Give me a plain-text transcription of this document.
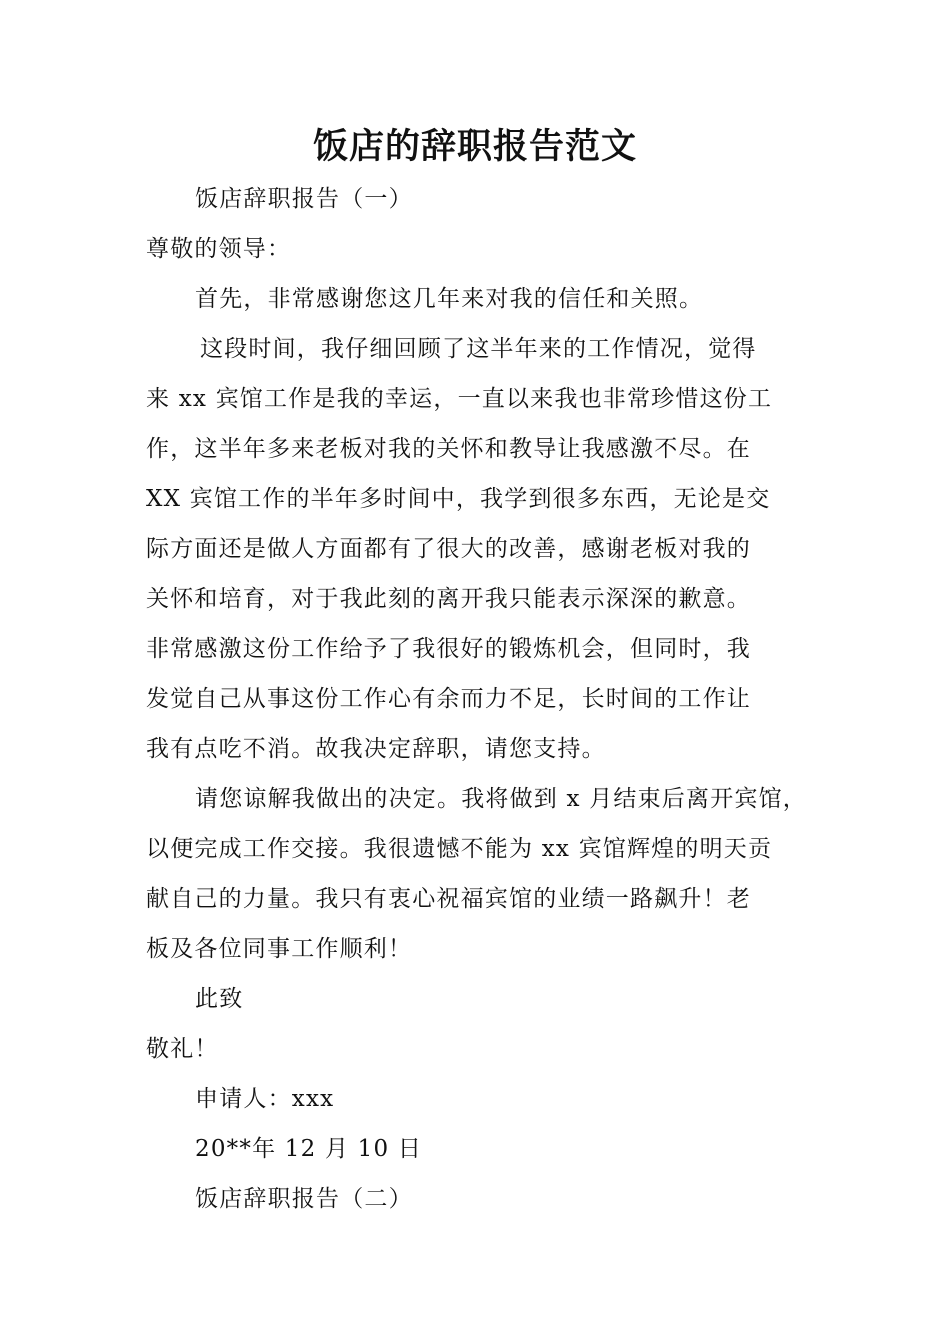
饭店的辞职报告范文
饭店辞职报告（一）
尊敬的领导：
首先，非常感谢您这几年来对我的信任和关照。
这段时间，我仔细回顾了这半年来的工作情况，觉得
来 xx 宾馆工作是我的幸运，一直以来我也非常珍惜这份工
作，这半年多来老板对我的关怀和教导让我感激不尽。在
XX 宾馆工作的半年多时间中，我学到很多东西，无论是交
际方面还是做人方面都有了很大的改善，感谢老板对我的
关怀和培育，对于我此刻的离开我只能表示深深的歉意。
非常感激这份工作给予了我很好的锻炼机会，但同时，我
发觉自己从事这份工作心有余而力不足，长时间的工作让
我有点吃不消。故我决定辞职，请您支持。
请您谅解我做出的决定。我将做到 x 月结束后离开宾馆，
以便完成工作交接。我很遗憾不能为 xx 宾馆辉煌的明天贡
献自己的力量。我只有衷心祝福宾馆的业绩一路飙升！老
板及各位同事工作顺利！
此致
敬礼！
申请人：xxx
20**年 12 月 10 日
饭店辞职报告（二）
